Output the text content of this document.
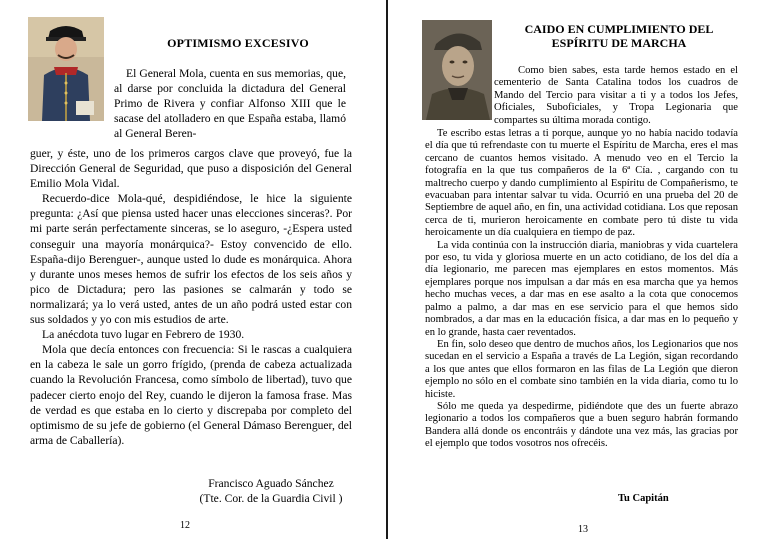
OPTIMISMO EXCESIVO

El General Mola, cuenta en sus memorias, que, al darse por concluida la dictadura del General Primo de Rivera y confiar Alfonso XIII que le sacase del atolladero en que España estaba, llamó al General Beren-

guer, y éste, uno de los primeros cargos clave que proveyó, fue la Dirección General de Seguridad, que puso a disposición del General Emilio Mola Vidal.

Recuerdo-dice Mola-qué, despidiéndose, le hice la siguiente pregunta: ¿Así que piensa usted hacer unas elecciones sinceras?. Por mi parte serán perfectamente sinceras, se lo aseguro, -¿Espera usted conseguir una mayoría monárquica?- Estoy convencido de ello. España-dijo Berenguer-, aunque usted lo dude es monárquica. Ahora y durante unos meses hemos de sufrir los efectos de los seis años y pico de Dictadura; pero las pasiones se calmarán y todo se normalizará; ya lo verá usted, antes de un año podrá usted estar con sus soldados y yo con mis estudios de arte.

La anécdota tuvo lugar en Febrero de 1930.

Mola que decía entonces con frecuencia: Si le rascas a cualquiera en la cabeza le sale un gorro frígido, (prenda de cabeza actualizada cuando la Revolución Francesa, como símbolo de libertad), tuvo que padecer cierto enojo del Rey, cuando le dijeron la famosa frase. Mas de verdad es que estaba en lo cierto y discrepaba por completo del optimismo de su jefe de gobierno (el General Dámaso Berenguer, del arma de Caballería).

Francisco Aguado Sánchez
(Tte. Cor. de la Guardia Civil )
12
CAIDO EN CUMPLIMIENTO DEL
ESPÍRITU DE MARCHA

Como bien sabes, esta tarde hemos estado en el cementerio de Santa Catalina todos los cuadros de Mando del Tercio para visitar a ti y a todos los Jefes, Oficiales, Suboficiales, y Tropa Legionaria que compartes su última morada contigo.

Te escribo estas letras a ti porque, aunque yo no había nacido todavía el día que tú refrendaste con tu muerte el Espíritu de Marcha, eres el mas cercano de cuantos hemos visitado. A menudo veo en el Tercio la fotografía en la que tus compañeros de la 6ª Cía. , cargando con tu maltrecho cuerpo y dando cumplimiento al Espíritu de Compañerismo, te evacuaban para intentar salvar tu vida. Ocurrió en una prueba del 20 de Septiembre de aquel año, en fin, una actividad cotidiana. Los que reposan cerca de ti, murieron heroicamente en combate pero tú diste tu vida heroicamente un día cualquiera en tiempo de paz.

La vida continúa con la instrucción diaria, maniobras y vida cuartelera por eso, tu vida y gloriosa muerte en un acto cotidiano, de los del día a día legionario, me parecen mas ejemplares en estos momentos. Más ejemplares porque nos impulsan a dar más en esa marcha que ya hemos hecho muchas veces, a dar mas en ese asalto a la cota que conocemos palmo a palmo, a dar mas en ese servicio para el que hemos sido nombrados, a dar mas en la educación física, a dar mas en lo pequeño y en lo grande, hasta caer reventados.

En fin, solo deseo que dentro de muchos años, los Legionarios que nos sucedan en el servicio a España a través de La Legión, sigan recordando a los que antes que ellos formaron en las filas de La Legión que dieron ejemplo no sólo en el combate sino también en la vida diaria, como tu lo hiciste.

Sólo me queda ya despedirme, pidiéndote que des un fuerte abrazo legionario a todos los compañeros que a buen seguro habrán formando Bandera allá donde os encontráis y dándote una vez más, las gracias por el ejemplo que todos vosotros nos ofrecéis.

Tu Capitán
13
